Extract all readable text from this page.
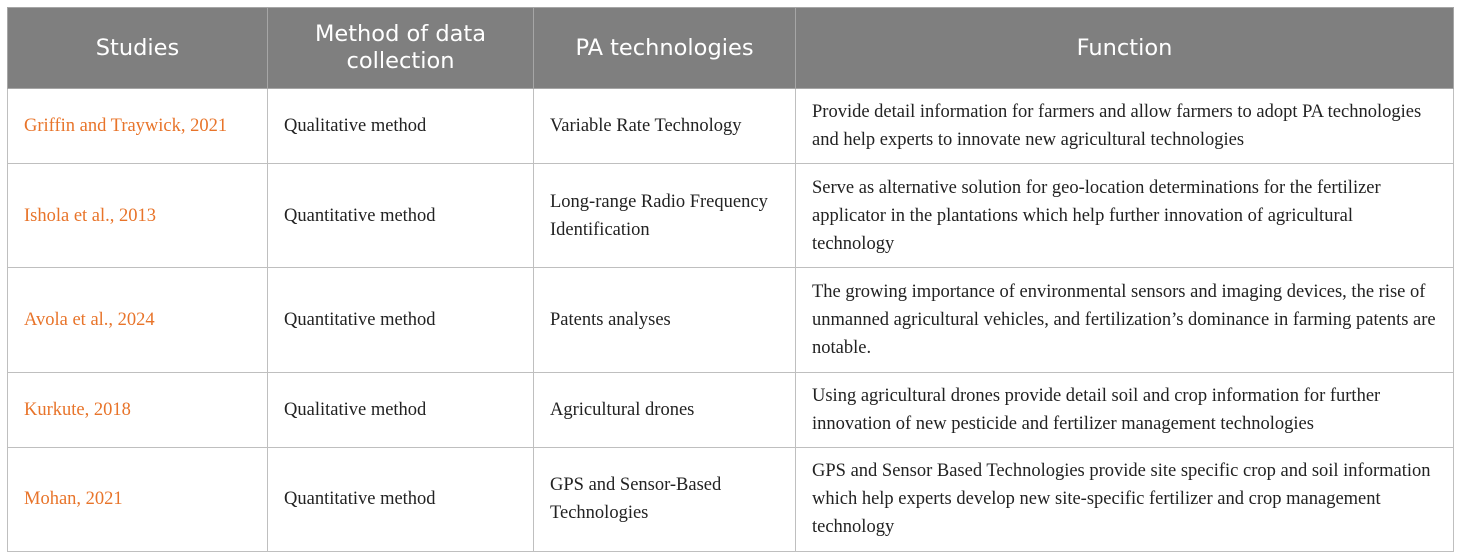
Studies	Method of data collection	PA technologies	Function
Griffin and Traywick, 2021	Qualitative method	Variable Rate Technology	Provide detail information for farmers and allow farmers to adopt PA technologies and help experts to innovate new agricultural technologies
Ishola et al., 2013	Quantitative method	Long-range Radio Frequency Identification	Serve as alternative solution for geo-location determinations for the fertilizer applicator in the plantations which help further innovation of agricultural technology
Avola et al., 2024	Quantitative method	Patents analyses	The growing importance of environmental sensors and imaging devices, the rise of unmanned agricultural vehicles, and fertilization’s dominance in farming patents are notable.
Kurkute, 2018	Qualitative method	Agricultural drones	Using agricultural drones provide detail soil and crop information for further innovation of new pesticide and fertilizer management technologies
Mohan, 2021	Quantitative method	GPS and Sensor-Based Technologies	GPS and Sensor Based Technologies provide site specific crop and soil information which help experts develop new site-specific fertilizer and crop management technology
